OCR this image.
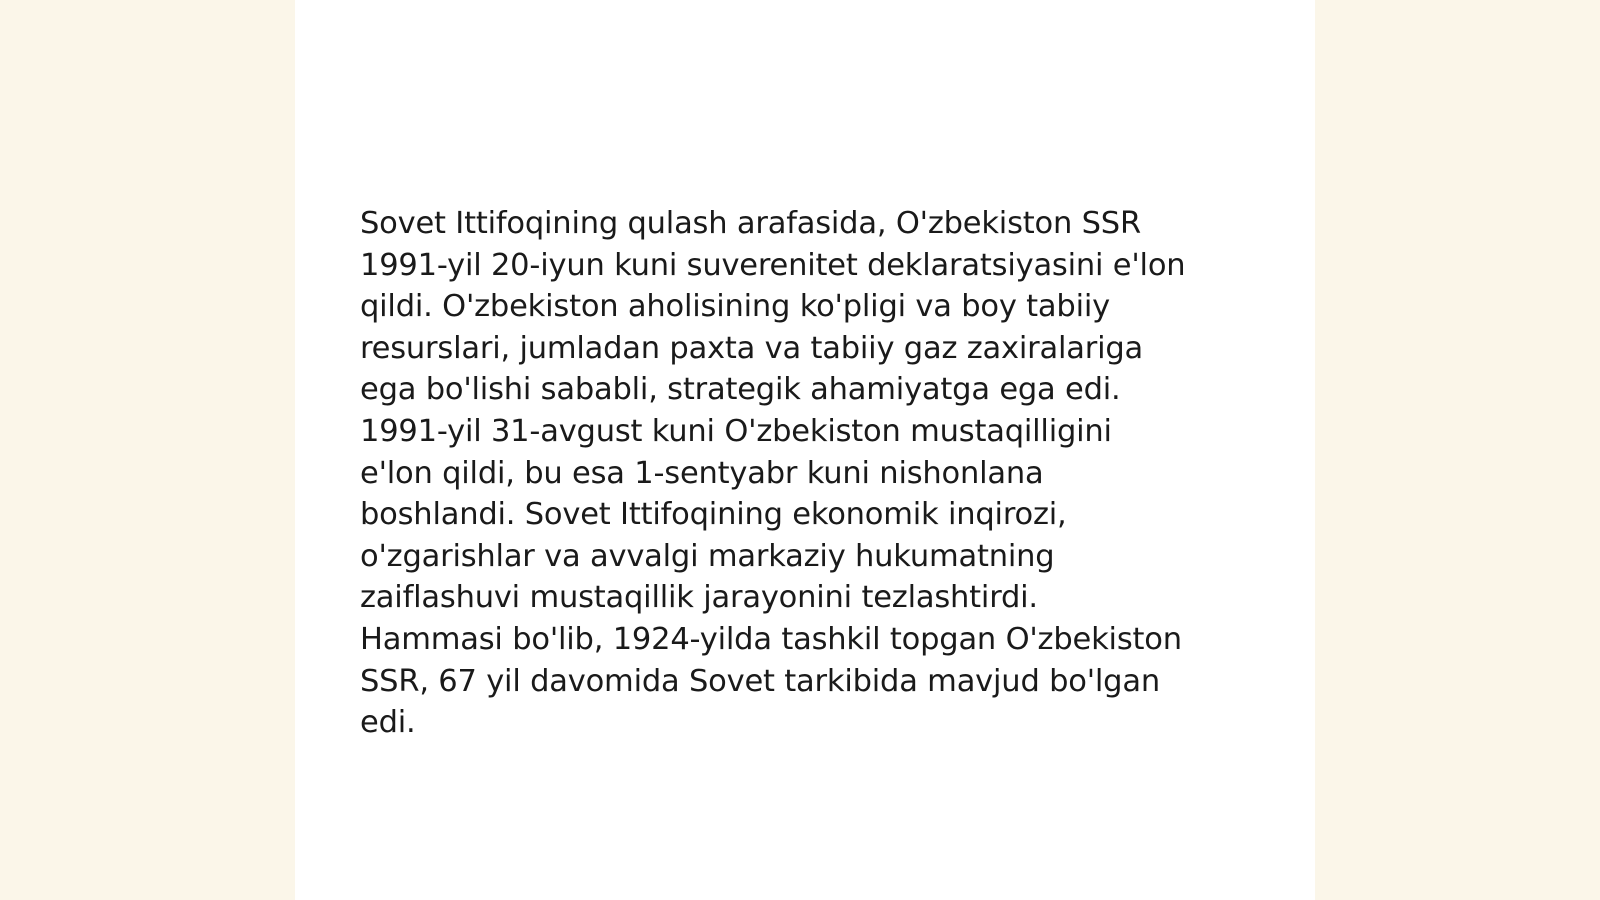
Sovet Ittifoqining qulash arafasida, O'zbekiston SSR
1991-yil 20-iyun kuni suverenitet deklaratsiyasini e'lon
qildi. O'zbekiston aholisining ko'pligi va boy tabiiy
resurslari, jumladan paxta va tabiiy gaz zaxiralariga
ega bo'lishi sababli, strategik ahamiyatga ega edi.
1991-yil 31-avgust kuni O'zbekiston mustaqilligini
e'lon qildi, bu esa 1-sentyabr kuni nishonlana
boshlandi. Sovet Ittifoqining ekonomik inqirozi,
o'zgarishlar va avvalgi markaziy hukumatning
zaiflashuvi mustaqillik jarayonini tezlashtirdi.
Hammasi bo'lib, 1924-yilda tashkil topgan O'zbekiston
SSR, 67 yil davomida Sovet tarkibida mavjud bo'lgan
edi.
